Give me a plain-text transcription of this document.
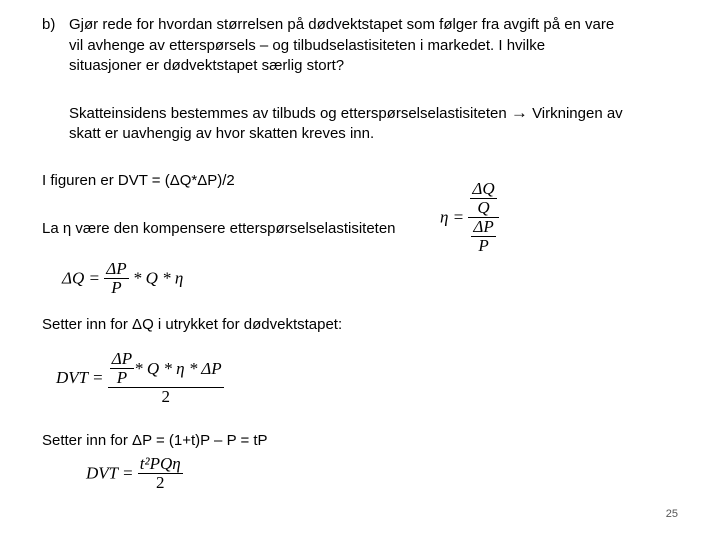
b) Gjør rede for hvordan størrelsen på dødvektstapet som følger fra avgift på en vare
vil avhenge av etterspørsels – og tilbudselastisiteten i markedet. I hvilke
situasjoner er dødvektstapet særlig stort?
Skatteinsidens bestemmes av tilbuds og etterspørselselastisiteten → Virkningen av
skatt er uavhengig av hvor skatten kreves inn.
I figuren er DVT = (ΔQ*ΔP)/2
La η være den kompensere etterspørselselastisiteten
$\eta = \frac{\frac{\Delta Q}{Q}}{\frac{\Delta P}{P}}$
$\Delta Q = \frac{\Delta P}{P} * Q * \eta$
Setter inn for ΔQ i utrykket for dødvektstapet:
DVT = $\frac{\frac{\Delta P}{P} * Q * \eta * \Delta P}{2}$
Setter inn for ΔP = (1+t)P – P = tP
DVT = $\frac{\text{t²PQη}}{2}$
25
